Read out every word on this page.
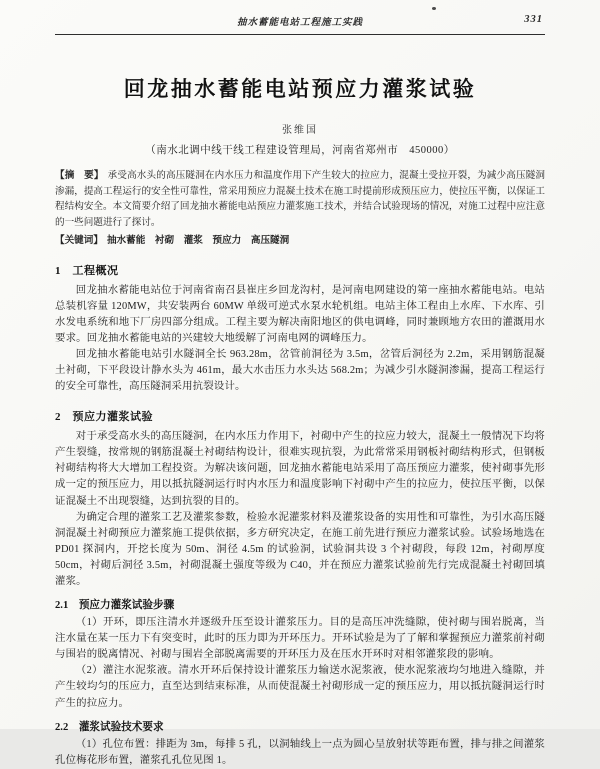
抽水蓄能电站工程施工实践	331
回龙抽水蓄能电站预应力灌浆试验
张维国
（南水北调中线干线工程建设管理局，河南省郑州市　450000）
【摘　要】 承受高水头的高压隧洞在内水压力和温度作用下产生较大的拉应力，混凝土受拉开裂，为减少高压隧洞渗漏，提高工程运行的安全性可靠性，常采用预应力混凝土技术在施工时提前形成预压应力，使拉压平衡，以保证工程结构安全。本文简要介绍了回龙抽水蓄能电站预应力灌浆施工技术，并结合试验现场的情况，对施工过程中应注意的一些问题进行了探讨。
【关键词】 抽水蓄能　衬砌　灌浆　预应力　高压隧洞
1　工程概况

回龙抽水蓄能电站位于河南省南召县崔庄乡回龙沟村，是河南电网建设的第一座抽水蓄能电站。电站总装机容量 120MW，共安装两台 60MW 单级可逆式水泵水轮机组。电站主体工程由上水库、下水库、引水发电系统和地下厂房四部分组成。工程主要为解决南阳地区的供电调峰，同时兼顾地方农田的灌溉用水要求。回龙抽水蓄能电站的兴建较大地缓解了河南电网的调峰压力。

回龙抽水蓄能电站引水隧洞全长 963.28m，岔管前洞径为 3.5m，岔管后洞径为 2.2m，采用钢筋混凝土衬砌，下平段设计静水头为 461m，最大水击压力水头达 568.2m；为减少引水隧洞渗漏，提高工程运行的安全可靠性，高压隧洞采用抗裂设计。

2　预应力灌浆试验

对于承受高水头的高压隧洞，在内水压力作用下，衬砌中产生的拉应力较大，混凝土一般情况下均将产生裂缝，按常规的钢筋混凝土衬砌结构设计，很难实现抗裂，为此常常采用钢板衬砌结构形式，但钢板衬砌结构将大大增加工程投资。为解决该问题，回龙抽水蓄能电站采用了高压预应力灌浆，使衬砌事先形成一定的预压应力，用以抵抗隧洞运行时内水压力和温度影响下衬砌中产生的拉应力，使拉压平衡，以保证混凝土不出现裂缝，达到抗裂的目的。

为确定合理的灌浆工艺及灌浆参数，检验水泥灌浆材料及灌浆设备的实用性和可靠性，为引水高压隧洞混凝土衬砌预应力灌浆施工提供依据，多方研究决定，在施工前先进行预应力灌浆试验。试验场地选在 PD01 探洞内，开挖长度为 50m、洞径 4.5m 的试验洞，试验洞共设 3 个衬砌段，每段 12m，衬砌厚度 50cm，衬砌后洞径 3.5m，衬砌混凝土强度等级为 C40，并在预应力灌浆试验前先行完成混凝土衬砌回填灌浆。

2.1　预应力灌浆试验步骤

（1）开环，即压注清水并逐级升压至设计灌浆压力。目的是高压冲洗缝隙，使衬砌与围岩脱离，当注水量在某一压力下有突变时，此时的压力即为开环压力。开环试验是为了了解和掌握预应力灌浆前衬砌与围岩的脱离情况、衬砌与围岩全部脱离需要的开环压力及在压水开环时对相邻灌浆段的影响。

（2）灌注水泥浆液。清水开环后保持设计灌浆压力输送水泥浆液，使水泥浆液均匀地进入缝隙，并产生较均匀的压应力，直至达到结束标准，从而使混凝土衬砌形成一定的预压应力，用以抵抗隧洞运行时产生的拉应力。

2.2　灌浆试验技术要求

（1）孔位布置：排距为 3m，每排 5 孔，以洞轴线上一点为圆心呈放射状等距布置，排与排之间灌浆孔位梅花形布置，灌浆孔孔位见图 1。
